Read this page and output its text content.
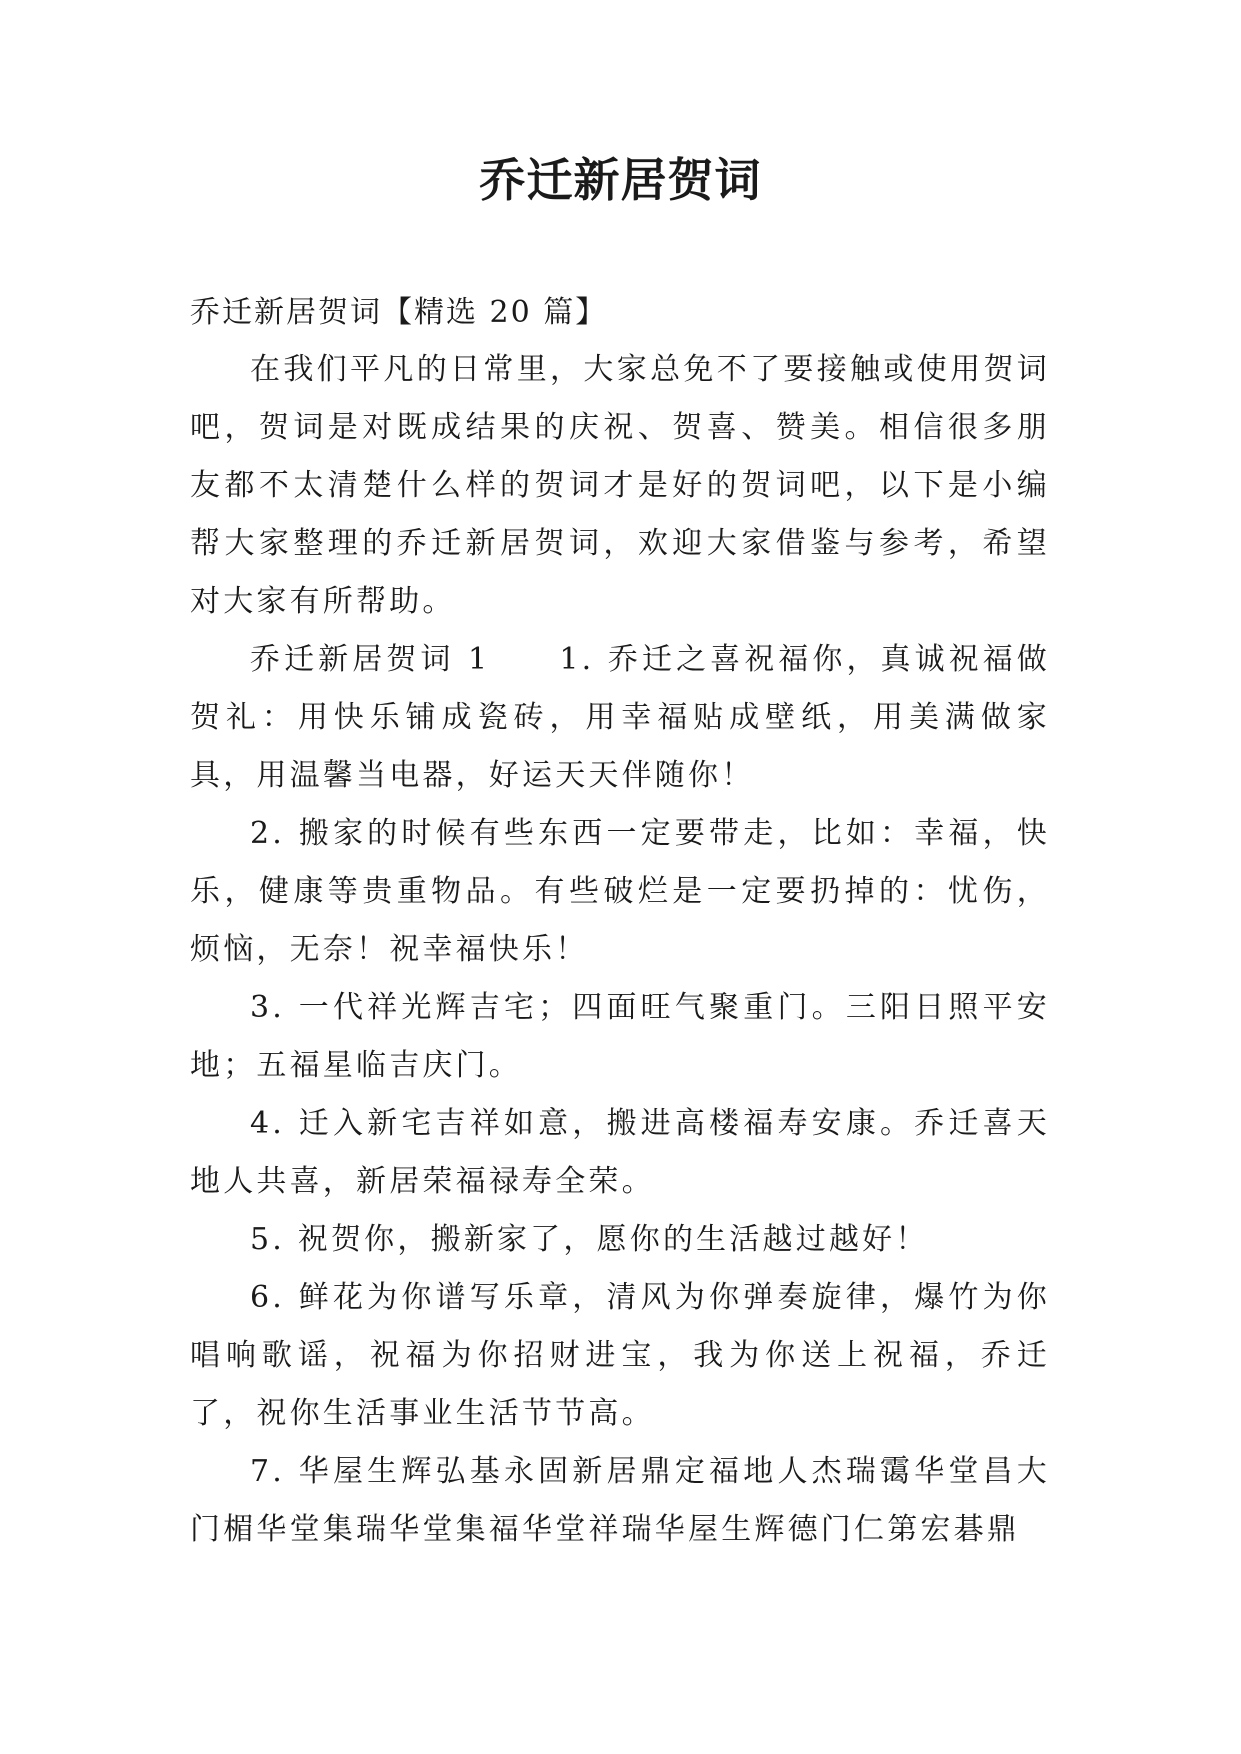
乔迁新居贺词

乔迁新居贺词【精选 20 篇】

在我们平凡的日常里，大家总免不了要接触或使用贺词吧，贺词是对既成结果的庆祝、贺喜、赞美。相信很多朋友都不太清楚什么样的贺词才是好的贺词吧，以下是小编帮大家整理的乔迁新居贺词，欢迎大家借鉴与参考，希望对大家有所帮助。

乔迁新居贺词 1　　1. 乔迁之喜祝福你，真诚祝福做贺礼：用快乐铺成瓷砖，用幸福贴成壁纸，用美满做家具，用温馨当电器，好运天天伴随你！

2. 搬家的时候有些东西一定要带走，比如：幸福，快乐，健康等贵重物品。有些破烂是一定要扔掉的：忧伤，烦恼，无奈！祝幸福快乐！

3. 一代祥光辉吉宅；四面旺气聚重门。三阳日照平安地；五福星临吉庆门。

4. 迁入新宅吉祥如意，搬进高楼福寿安康。乔迁喜天地人共喜，新居荣福禄寿全荣。

5. 祝贺你，搬新家了，愿你的生活越过越好！

6. 鲜花为你谱写乐章，清风为你弹奏旋律，爆竹为你唱响歌谣，祝福为你招财进宝，我为你送上祝福，乔迁了，祝你生活事业生活节节高。

7. 华屋生辉弘基永固新居鼎定福地人杰瑞霭华堂昌大门楣华堂集瑞华堂集福华堂祥瑞华屋生辉德门仁第宏碁鼎
